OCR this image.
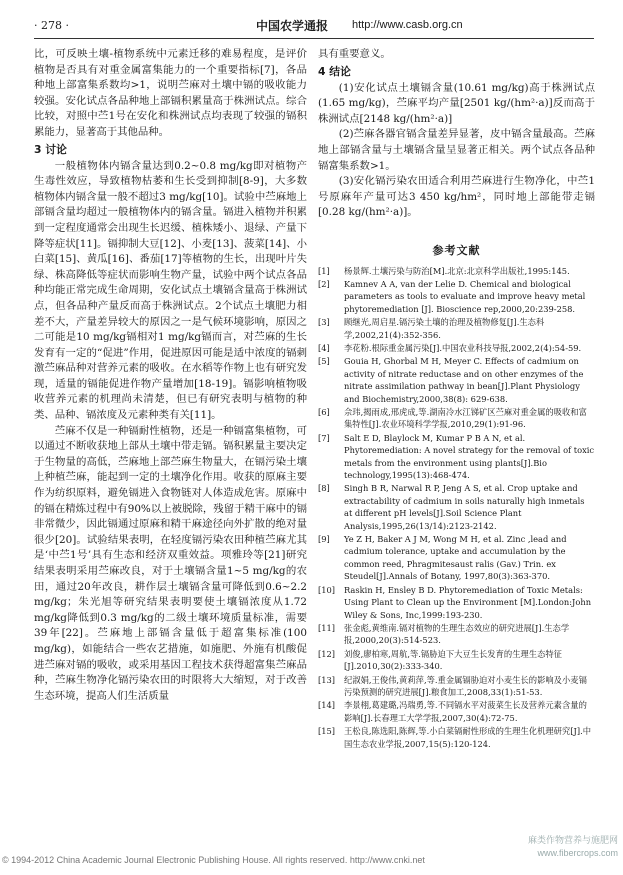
· 278 ·	中国农学通报 http://www.casb.org.cn

比，可反映土壤-植物系统中元素迁移的难易程度，是评价植物是否具有对重金属富集能力的一个重要指标[7]，各品种地上部富集系数均>1，说明苎麻对土壤中镉的吸收能力较强。安化试点各品种地上部镉积累量高于株洲试点。综合比较，对照中苎1号在安化和株洲试点均表现了较强的镉积累能力，显著高于其他品种。

3 讨论

一般植物体内镉含量达到0.2~0.8 mg/kg即对植物产生毒性效应，导致植物枯萎和生长受到抑制[8-9]，大多数植物体内镉含量一般不超过3 mg/kg[10]。试验中苎麻地上部镉含量均超过一般植物体内的镉含量。镉进入植物并积累到一定程度通常会出现生长迟缓、植株矮小、退绿、产量下降等症状[11]。镉抑制大豆[12]、小麦[13]、菠菜[14]、小白菜[15]、黄瓜[16]、番茄[17]等植物的生长，出现叶片失绿、株高降低等症状而影响生物产量，试验中两个试点各品种均能正常完成生命周期，安化试点土壤镉含量高于株洲试点，但各品种产量反而高于株洲试点。2个试点土壤肥力相差不大，产量差异较大的原因之一是气候环境影响，原因之二可能是10 mg/kg镉相对1 mg/kg镉而言，对苎麻的生长发育有一定的“促进”作用，促进原因可能是适中浓度的镉刺激苎麻品种对营养元素的吸收。在水稻等作物上也有研究发现，适量的镉能促进作物产量增加[18-19]。镉影响植物吸收营养元素的机理尚未清楚，但已有研究表明与植物的种类、品种、镉浓度及元素种类有关[11]。

苎麻不仅是一种镉耐性植物，还是一种镉富集植物，可以通过不断收获地上部从土壤中带走镉。镉积累量主要决定于生物量的高低，苎麻地上部苎麻生物量大，在镉污染土壤上种植苎麻，能起到一定的土壤净化作用。收获的原麻主要作为纺织原料，避免镉进入食物链对人体造成危害。原麻中的镉在精炼过程中有90%以上被脱除，残留于精干麻中的镉非常微少，因此镉通过原麻和精干麻途径向外扩散的绝对量很少[20]。试验结果表明，在轻度镉污染农田种植苎麻尤其是‘中苎1号’具有生态和经济双重效益。项雅玲等[21]研究结果表明采用苎麻改良，对于土壤镉含量1~5 mg/kg的农田，通过20年改良，耕作层土壤镉含量可降低到0.6~2.2 mg/kg；朱光旭等研究结果表明要使土壤镉浓度从1.72 mg/kg降低到0.3 mg/kg的二级土壤环境质量标准，需要39年[22]。苎麻地上部镉含量低于超富集标准(100 mg/kg)，如能结合一些农艺措施，如施肥、外施有机酸促进苎麻对镉的吸收，或采用基因工程技术获得超富集苎麻品种，苎麻生物净化镉污染农田的时限将大大缩短，对于改善生态环境，提高人们生活质量

具有重要意义。

4 结论

(1)安化试点土壤镉含量(10.61 mg/kg)高于株洲试点(1.65 mg/kg)，苎麻平均产量[2501 kg/(hm²·a)]反而高于株洲试点[2148 kg/(hm²·a)]

(2)苎麻各器官镉含量差异显著，皮中镉含量最高。苎麻地上部镉含量与土壤镉含量呈显著正相关。两个试点各品种镉富集系数>1。

(3)安化镉污染农田适合利用苎麻进行生物净化，中苎1号原麻年产量可达3 450 kg/hm²，同时地上部能带走镉[0.28 kg/(hm²·a)]。

参考文献
[1]	杨景辉.土壤污染与防治[M].北京:北京科学出版社,1995:145.
[2]	Kamnev A A, van der Lelie D. Chemical and biological parameters as tools to evaluate and improve heavy metal phytoremediation [J]. Bioscience rep,2000,20:239-258.
[3]	顾继光,周启星.镉污染土壤的治理及植物修复[J].生态科学,2002,21(4):352-356.
[4]	李花粉.根际重金属污染[J].中国农业科技导报,2002,2(4):54-59.
[5]	Gouia H, Ghorbal M H, Meyer C. Effects of cadmium on activity of nitrate reductase and on other enzymes of the nitrate assimilation pathway in bean[J].Plant Physiology and Biochemistry,2000,38(8): 629-638.
[6]	佘玮,揭雨成,邢虎成,等.湖南冷水江锑矿区苎麻对重金属的吸收和富集特性[J].农业环境科学学报,2010,29(1):91-96.
[7]	Salt E D, Blaylock M, Kumar P B A N, et al. Phytoremediation: A novel strategy for the removal of toxic metals from the environment using plants[J].Bio technology,1995(13):468-474.
[8]	Singh B R, Narwal R P, Jeng A S, et al. Crop uptake and extractability of cadmium in soils naturally high inmetals at different pH levels[J].Soil Science Plant Analysis,1995,26(13/14):2123-2142.
[9]	Ye Z H, Baker A J M, Wong M H, et al. Zinc ,lead and cadmium tolerance, uptake and accumulation by the common reed, Phragmitesaust ralis (Gav.) Trin. ex Steudel[J].Annals of Botany, 1997,80(3):363-370.
[10]	Raskin H, Ensley B D. Phytoremediation of Toxic Metals: Using Plant to Clean up the Environment [M].London:John Wiley & Sons, Inc,1999:193-230.
[11]	张金彪,黄维南.镉对植物的生理生态效应的研究进展[J].生态学报,2000,20(3):514-523.
[12]	刘俊,廖柏寒,周航,等.镉胁迫下大豆生长发育的生理生态特征[J].2010,30(2):333-340.
[13]	纪淑娟,王俊伟,黄莉萍,等.重金属镉胁迫对小麦生长的影响及小麦镉污染预测的研究进展[J].粮食加工,2008,33(1):51-53.
[14]	李景栩,葛建璐,冯瑞勇,等.不同镉水平对菠菜生长及营养元素含量的影响[J].长春理工大学学报,2007,30(4):72-75.
[15]	王松良,陈选阳,陈辉,等.小白菜镉耐性形成的生理生化机理研究[J].中国生态农业学报,2007,15(5):120-124.
麻类作物营养与施肥网
www.fibercrops.com
© 1994-2012 China Academic Journal Electronic Publishing House. All rights reserved. http://www.cnki.net
